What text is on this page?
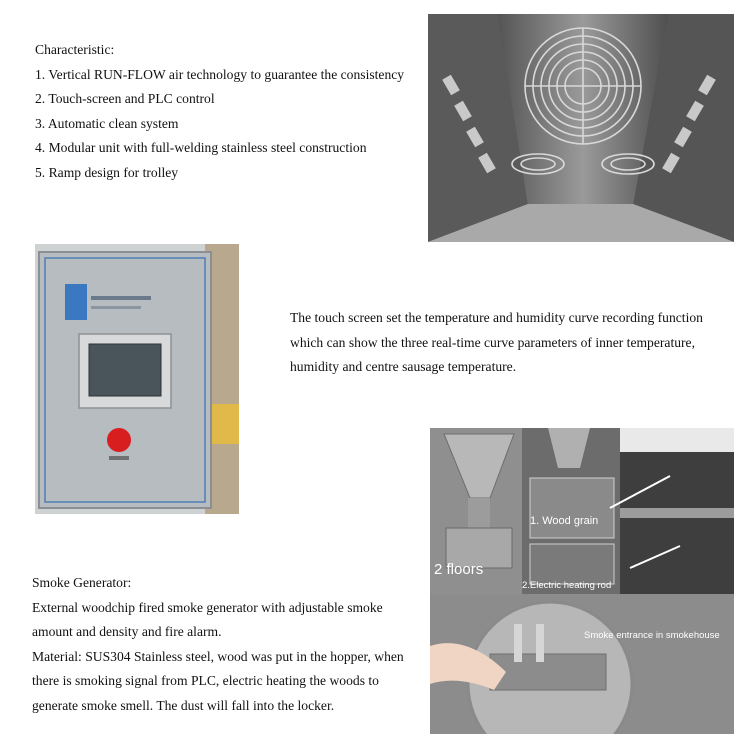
Characteristic:

1. Vertical RUN-FLOW air technology to guarantee the consistency

2. Touch-screen and PLC control

3. Automatic clean system

4. Modular unit with full-welding stainless steel construction

5. Ramp design for trolley

The touch screen set the temperature and humidity curve recording function which can show the three real-time curve parameters of inner temperature, humidity and centre sausage temperature.

2 floors
1. Wood grain
2.Electric heating rod
Smoke entrance in smokehouse

Smoke Generator:

External woodchip fired smoke generator with adjustable smoke amount and density and fire alarm.

Material: SUS304 Stainless steel, wood was put in the hopper, when there is smoking signal from PLC, electric heating the woods to generate smoke smell. The dust will fall into the locker.
